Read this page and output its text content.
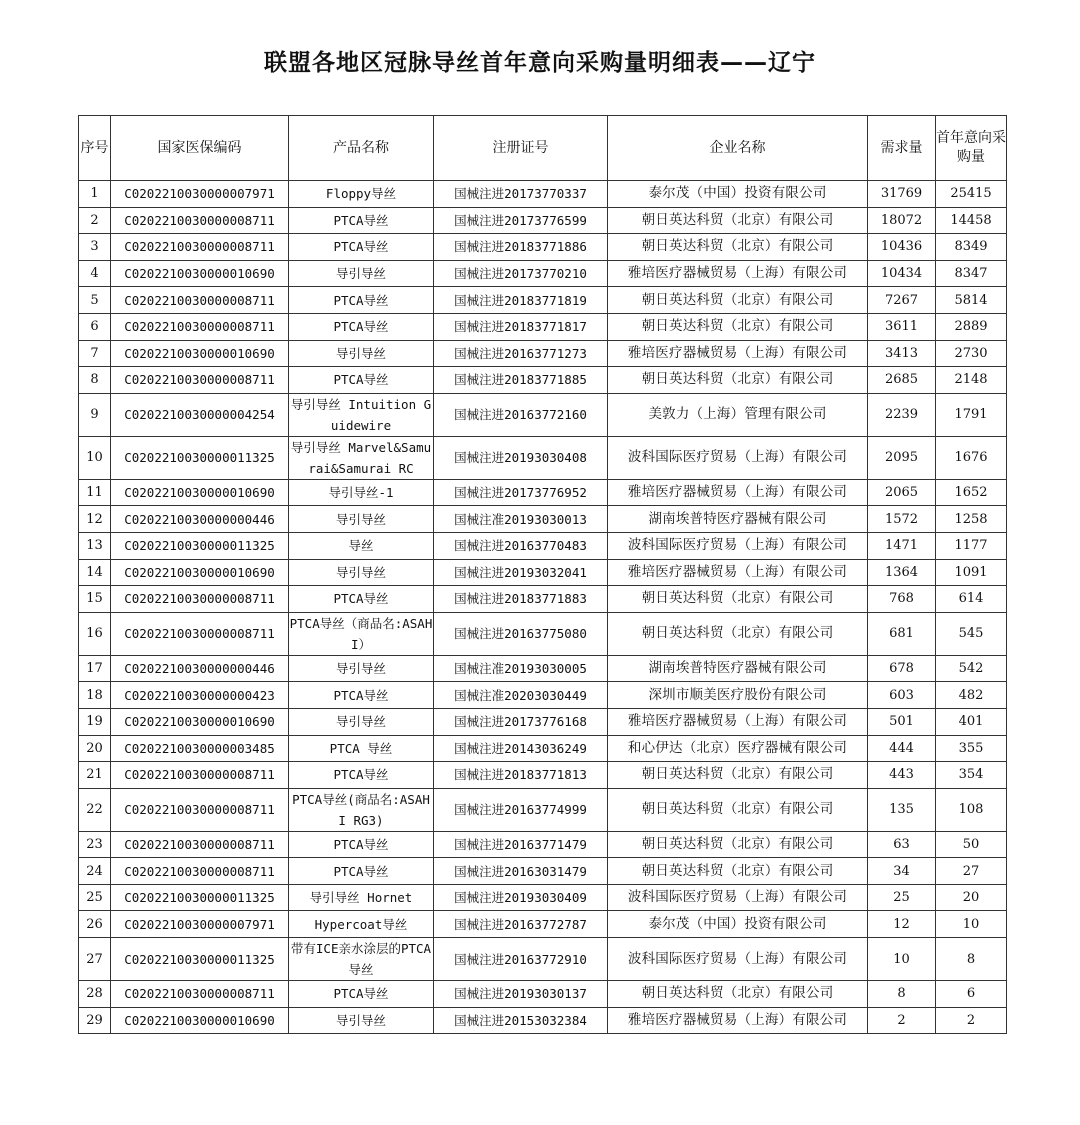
联盟各地区冠脉导丝首年意向采购量明细表——辽宁
序号	国家医保编码	产品名称	注册证号	企业名称	需求量	首年意向采购量
1	C0202210030000007971	Floppy导丝	国械注进20173770337	泰尔茂（中国）投资有限公司	31769	25415
2	C0202210030000008711	PTCA导丝	国械注进20173776599	朝日英达科贸（北京）有限公司	18072	14458
3	C0202210030000008711	PTCA导丝	国械注进20183771886	朝日英达科贸（北京）有限公司	10436	8349
4	C0202210030000010690	导引导丝	国械注进20173770210	雅培医疗器械贸易（上海）有限公司	10434	8347
5	C0202210030000008711	PTCA导丝	国械注进20183771819	朝日英达科贸（北京）有限公司	7267	5814
6	C0202210030000008711	PTCA导丝	国械注进20183771817	朝日英达科贸（北京）有限公司	3611	2889
7	C0202210030000010690	导引导丝	国械注进20163771273	雅培医疗器械贸易（上海）有限公司	3413	2730
8	C0202210030000008711	PTCA导丝	国械注进20183771885	朝日英达科贸（北京）有限公司	2685	2148
9	C0202210030000004254	导引导丝 Intuition Guidewire	国械注进20163772160	美敦力（上海）管理有限公司	2239	1791
10	C0202210030000011325	导引导丝 Marvel&Samurai&Samurai RC	国械注进20193030408	波科国际医疗贸易（上海）有限公司	2095	1676
11	C0202210030000010690	导引导丝-1	国械注进20173776952	雅培医疗器械贸易（上海）有限公司	2065	1652
12	C0202210030000000446	导引导丝	国械注准20193030013	湖南埃普特医疗器械有限公司	1572	1258
13	C0202210030000011325	导丝	国械注进20163770483	波科国际医疗贸易（上海）有限公司	1471	1177
14	C0202210030000010690	导引导丝	国械注进20193032041	雅培医疗器械贸易（上海）有限公司	1364	1091
15	C0202210030000008711	PTCA导丝	国械注进20183771883	朝日英达科贸（北京）有限公司	768	614
16	C0202210030000008711	PTCA导丝（商品名:ASAHI）	国械注进20163775080	朝日英达科贸（北京）有限公司	681	545
17	C0202210030000000446	导引导丝	国械注准20193030005	湖南埃普特医疗器械有限公司	678	542
18	C0202210030000000423	PTCA导丝	国械注准20203030449	深圳市顺美医疗股份有限公司	603	482
19	C0202210030000010690	导引导丝	国械注进20173776168	雅培医疗器械贸易（上海）有限公司	501	401
20	C0202210030000003485	PTCA 导丝	国械注进20143036249	和心伊达（北京）医疗器械有限公司	444	355
21	C0202210030000008711	PTCA导丝	国械注进20183771813	朝日英达科贸（北京）有限公司	443	354
22	C0202210030000008711	PTCA导丝(商品名:ASAHI RG3)	国械注进20163774999	朝日英达科贸（北京）有限公司	135	108
23	C0202210030000008711	PTCA导丝	国械注进20163771479	朝日英达科贸（北京）有限公司	63	50
24	C0202210030000008711	PTCA导丝	国械注进20163031479	朝日英达科贸（北京）有限公司	34	27
25	C0202210030000011325	导引导丝 Hornet	国械注进20193030409	波科国际医疗贸易（上海）有限公司	25	20
26	C0202210030000007971	Hypercoat导丝	国械注进20163772787	泰尔茂（中国）投资有限公司	12	10
27	C0202210030000011325	带有ICE亲水涂层的PTCA导丝	国械注进20163772910	波科国际医疗贸易（上海）有限公司	10	8
28	C0202210030000008711	PTCA导丝	国械注进20193030137	朝日英达科贸（北京）有限公司	8	6
29	C0202210030000010690	导引导丝	国械注进20153032384	雅培医疗器械贸易（上海）有限公司	2	2
